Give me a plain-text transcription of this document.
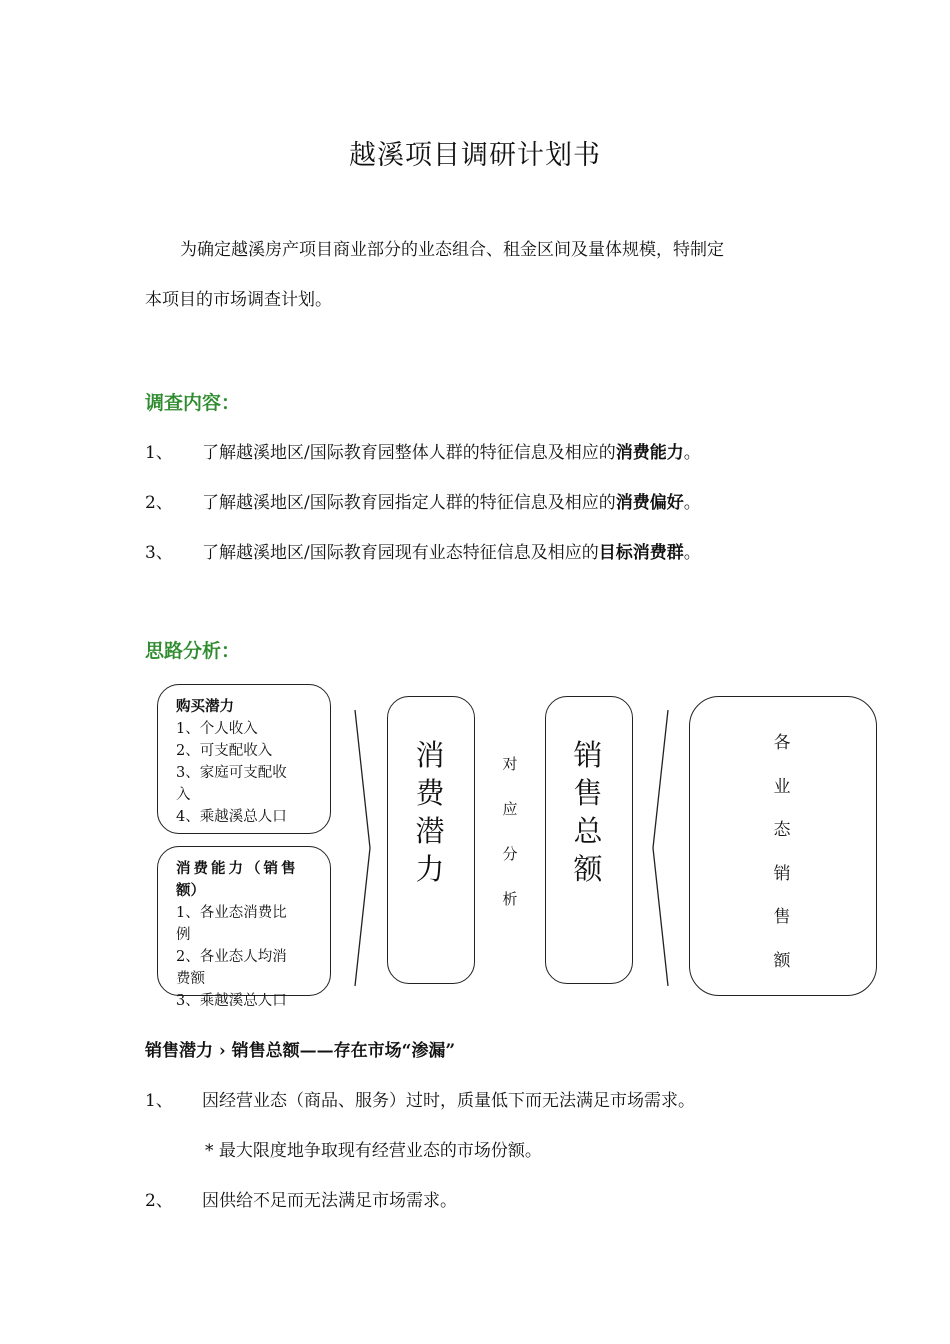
越溪项目调研计划书
为确定越溪房产项目商业部分的业态组合、租金区间及量体规模，特制定
本项目的市场调查计划。
调查内容：
1、 了解越溪地区/国际教育园整体人群的特征信息及相应的消费能力。
2、 了解越溪地区/国际教育园指定人群的特征信息及相应的消费偏好。
3、 了解越溪地区/国际教育园现有业态特征信息及相应的目标消费群。
思路分析：
购买潜力
1、个人收入
2、可支配收入
3、家庭可支配收
入
4、乘越溪总人口
消费能力（销售
额）
1、各业态消费比
例
2、各业态人均消
费额
3、乘越溪总人口
消
费
潜
力
对
应
分
析
销
售
总
额
各
业
态
销
售
额
销售潜力 › 销售总额——存在市场“渗漏”
1、 因经营业态（商品、服务）过时，质量低下而无法满足市场需求。
* 最大限度地争取现有经营业态的市场份额。
2、 因供给不足而无法满足市场需求。
